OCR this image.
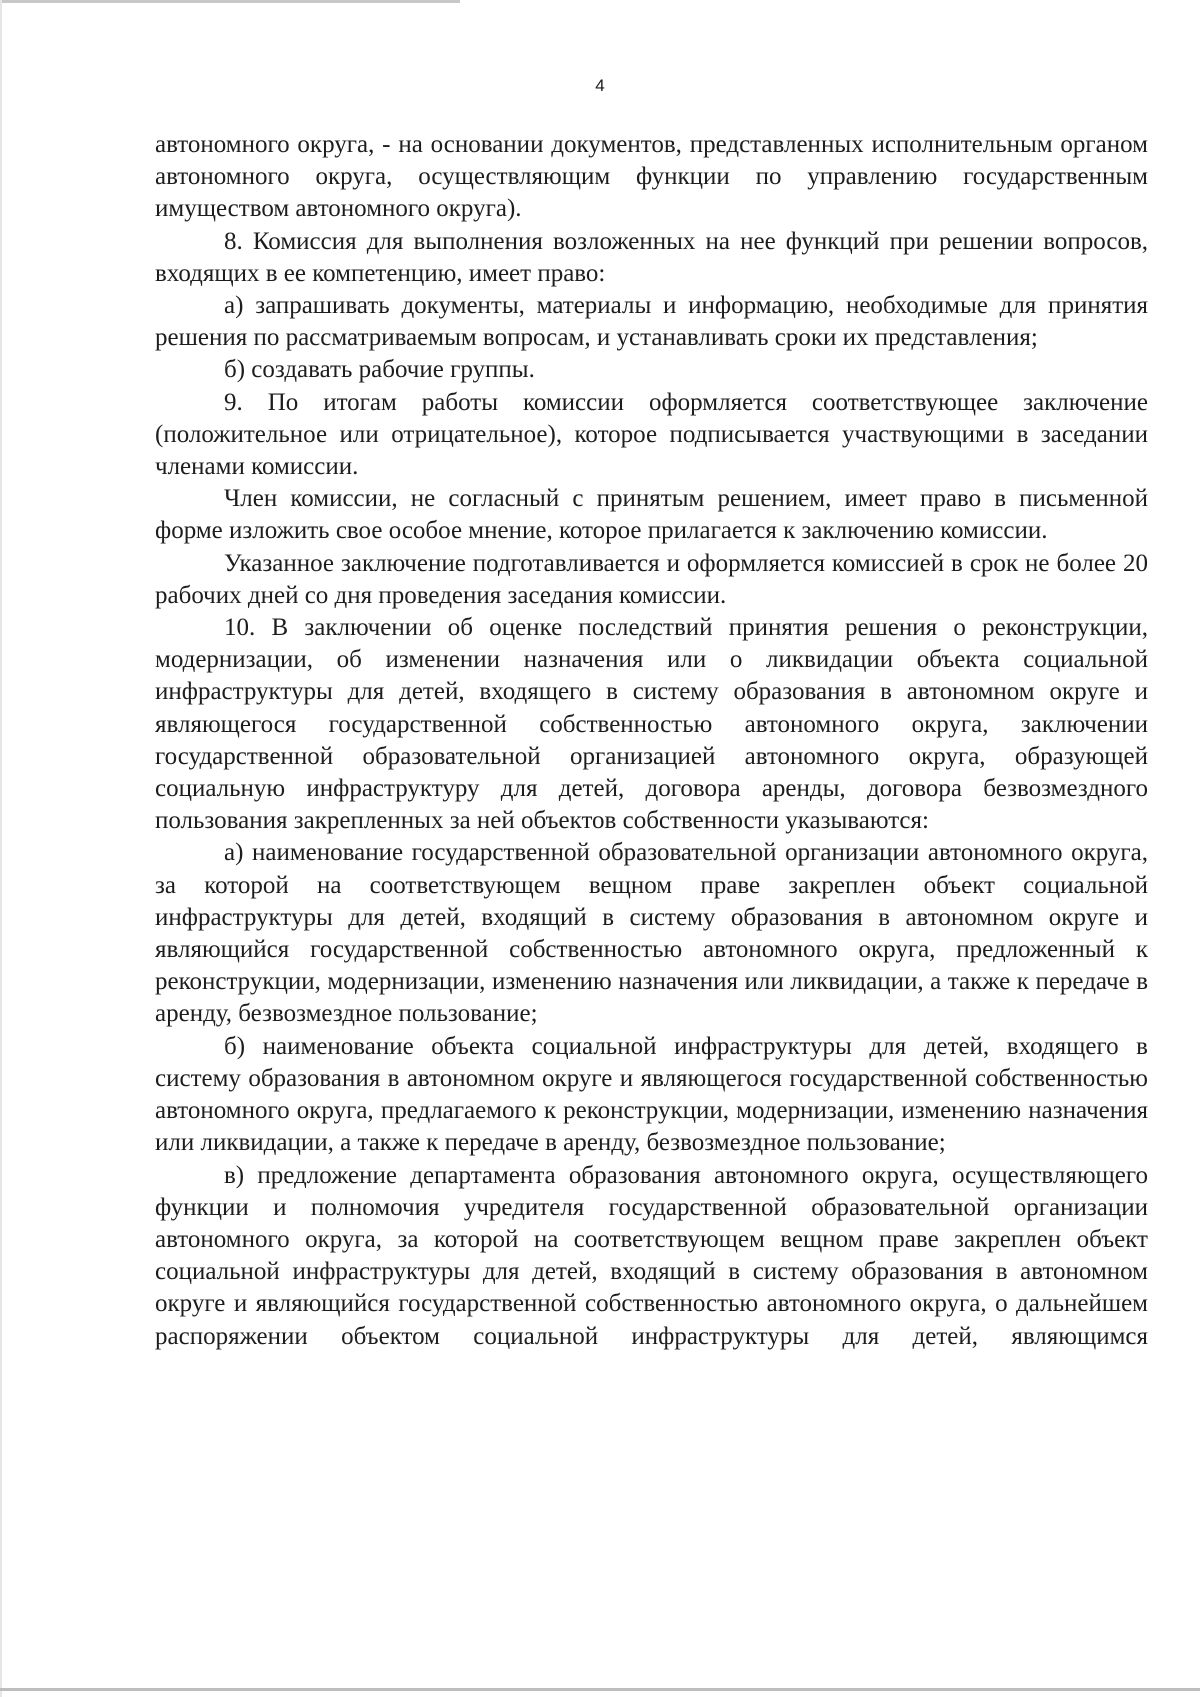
4

автономного округа, - на основании документов, представленных исполнительным органом автономного округа, осуществляющим функции по управлению государственным имуществом автономного округа).

8. Комиссия для выполнения возложенных на нее функций при решении вопросов, входящих в ее компетенцию, имеет право:

а) запрашивать документы, материалы и информацию, необходимые для принятия решения по рассматриваемым вопросам, и устанавливать сроки их представления;

б) создавать рабочие группы.

9. По итогам работы комиссии оформляется соответствующее заключение (положительное или отрицательное), которое подписывается участвующими в заседании членами комиссии.

Член комиссии, не согласный с принятым решением, имеет право в письменной форме изложить свое особое мнение, которое прилагается к заключению комиссии.

Указанное заключение подготавливается и оформляется комиссией в срок не более 20 рабочих дней со дня проведения заседания комиссии.

10. В заключении об оценке последствий принятия решения о реконструкции, модернизации, об изменении назначения или о ликвидации объекта социальной инфраструктуры для детей, входящего в систему образования в автономном округе и являющегося государственной собственностью автономного округа, заключении государственной образовательной организацией автономного округа, образующей социальную инфраструктуру для детей, договора аренды, договора безвозмездного пользования закрепленных за ней объектов собственности указываются:

а) наименование государственной образовательной организации автономного округа, за которой на соответствующем вещном праве закреплен объект социальной инфраструктуры для детей, входящий в систему образования в автономном округе и являющийся государственной собственностью автономного округа, предложенный к реконструкции, модернизации, изменению назначения или ликвидации, а также к передаче в аренду, безвозмездное пользование;

б) наименование объекта социальной инфраструктуры для детей, входящего в систему образования в автономном округе и являющегося государственной собственностью автономного округа, предлагаемого к реконструкции, модернизации, изменению назначения или ликвидации, а также к передаче в аренду, безвозмездное пользование;

в) предложение департамента образования автономного округа, осуществляющего функции и полномочия учредителя государственной образовательной организации автономного округа, за которой на соответствующем вещном праве закреплен объект социальной инфраструктуры для детей, входящий в систему образования в автономном округе и являющийся государственной собственностью автономного округа, о дальнейшем распоряжении объектом социальной инфраструктуры для детей, являющимся
